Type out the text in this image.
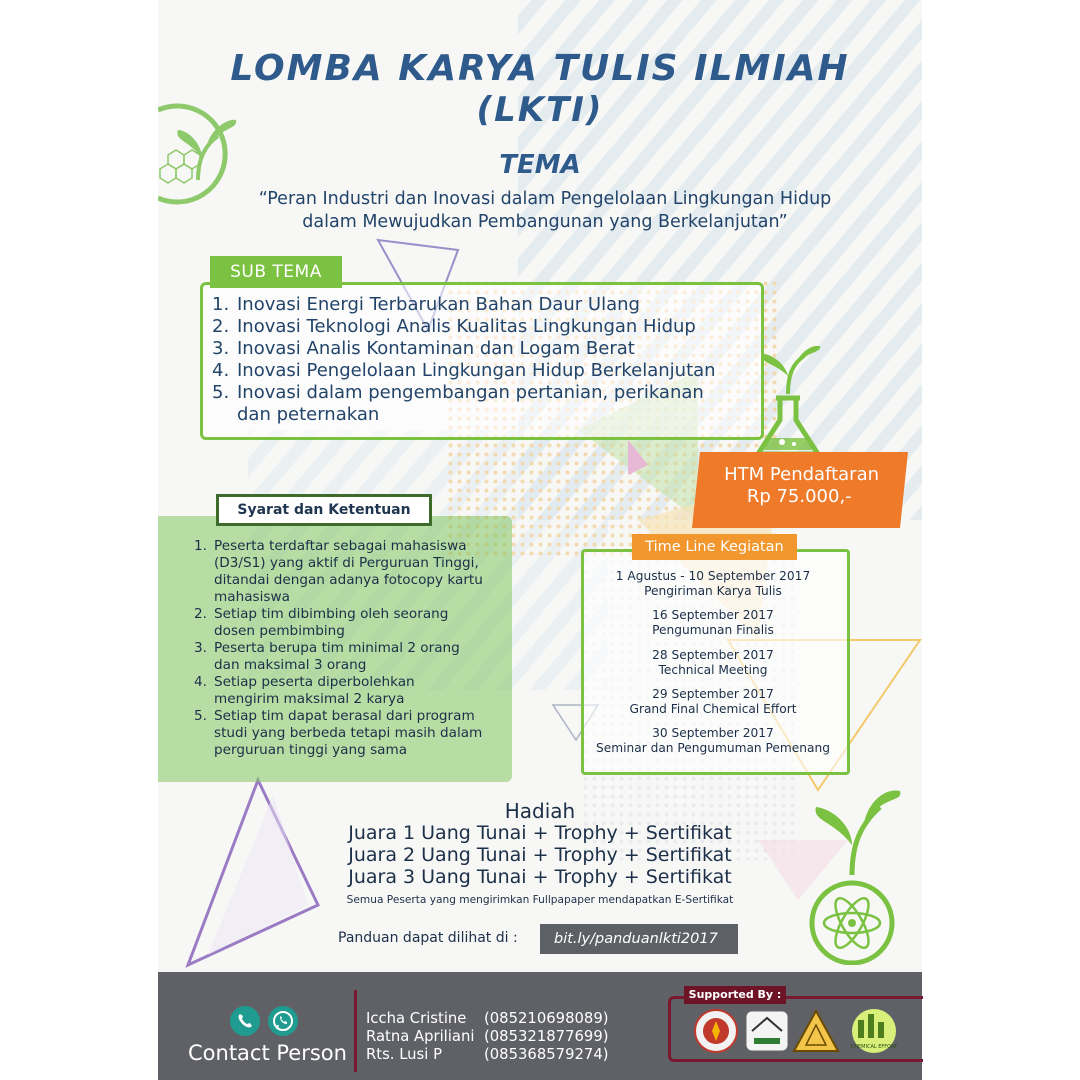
LOMBA KARYA TULIS ILMIAH
(LKTI)
TEMA
“Peran Industri dan Inovasi dalam Pengelolaan Lingkungan Hidup
dalam Mewujudkan Pembangunan yang Berkelanjutan”
SUB TEMA
1. Inovasi Energi Terbarukan Bahan Daur Ulang
2. Inovasi Teknologi Analis Kualitas Lingkungan Hidup
3. Inovasi Analis Kontaminan dan Logam Berat
4. Inovasi Pengelolaan Lingkungan Hidup Berkelanjutan
5. Inovasi dalam pengembangan pertanian, perikanan dan peternakan
HTM Pendaftaran
Rp 75.000,-
Syarat dan Ketentuan
1. Peserta terdaftar sebagai mahasiswa (D3/S1) yang aktif di Perguruan Tinggi, ditandai dengan adanya fotocopy kartu mahasiswa
2. Setiap tim dibimbing oleh seorang dosen pembimbing
3. Peserta berupa tim minimal 2 orang dan maksimal 3 orang
4. Setiap peserta diperbolehkan mengirim maksimal 2 karya
5. Setiap tim dapat berasal dari program studi yang berbeda tetapi masih dalam perguruan tinggi yang sama
Time Line Kegiatan
1 Agustus - 10 September 2017
Pengiriman Karya Tulis
16 September 2017
Pengumunan Finalis
28 September 2017
Technical Meeting
29 September 2017
Grand Final Chemical Effort
30 September 2017
Seminar dan Pengumuman Pemenang
Hadiah
Juara 1 Uang Tunai + Trophy + Sertifikat
Juara 2 Uang Tunai + Trophy + Sertifikat
Juara 3 Uang Tunai + Trophy + Sertifikat
Semua Peserta yang mengirimkan Fullpapaper mendapatkan E-Sertifikat
Panduan dapat dilihat di :	bit.ly/panduanlkti2017
Contact Person
Iccha Cristine	(085210698089)
Ratna Apriliani (085321877699)
Rts. Lusi P	(085368579274)
Supported By :
CHEMICAL EFFORT
